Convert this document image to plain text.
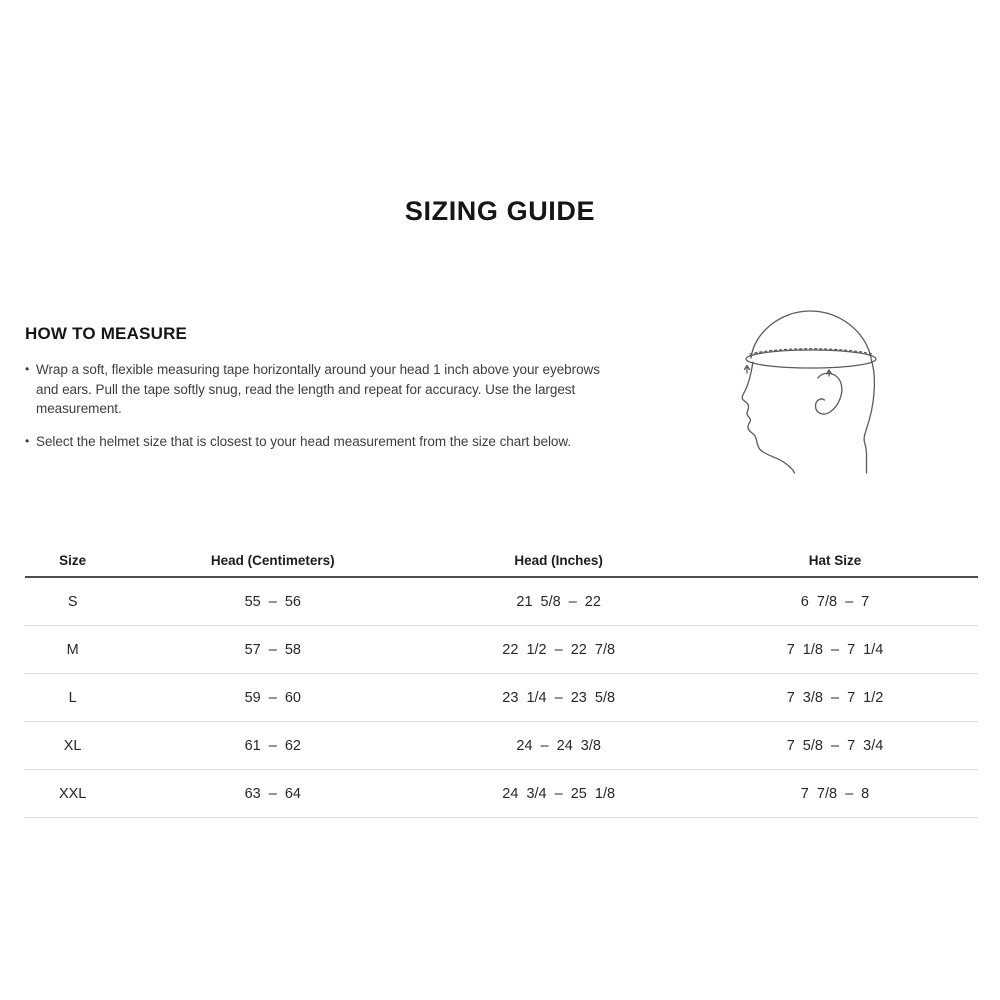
SIZING GUIDE
HOW TO MEASURE
• Wrap a soft, flexible measuring tape horizontally around your head 1 inch above your eyebrows and ears. Pull the tape softly snug, read the length and repeat for accuracy. Use the largest measurement.
• Select the helmet size that is closest to your head measurement from the size chart below.
Size	Head (Centimeters)	Head (Inches)	Hat Size
S	55 – 56	21 5/8 – 22	6 7/8 – 7
M	57 – 58	22 1/2 – 22 7/8	7 1/8 – 7 1/4
L	59 – 60	23 1/4 – 23 5/8	7 3/8 – 7 1/2
XL	61 – 62	24 – 24 3/8	7 5/8 – 7 3/4
XXL	63 – 64	24 3/4 – 25 1/8	7 7/8 – 8
